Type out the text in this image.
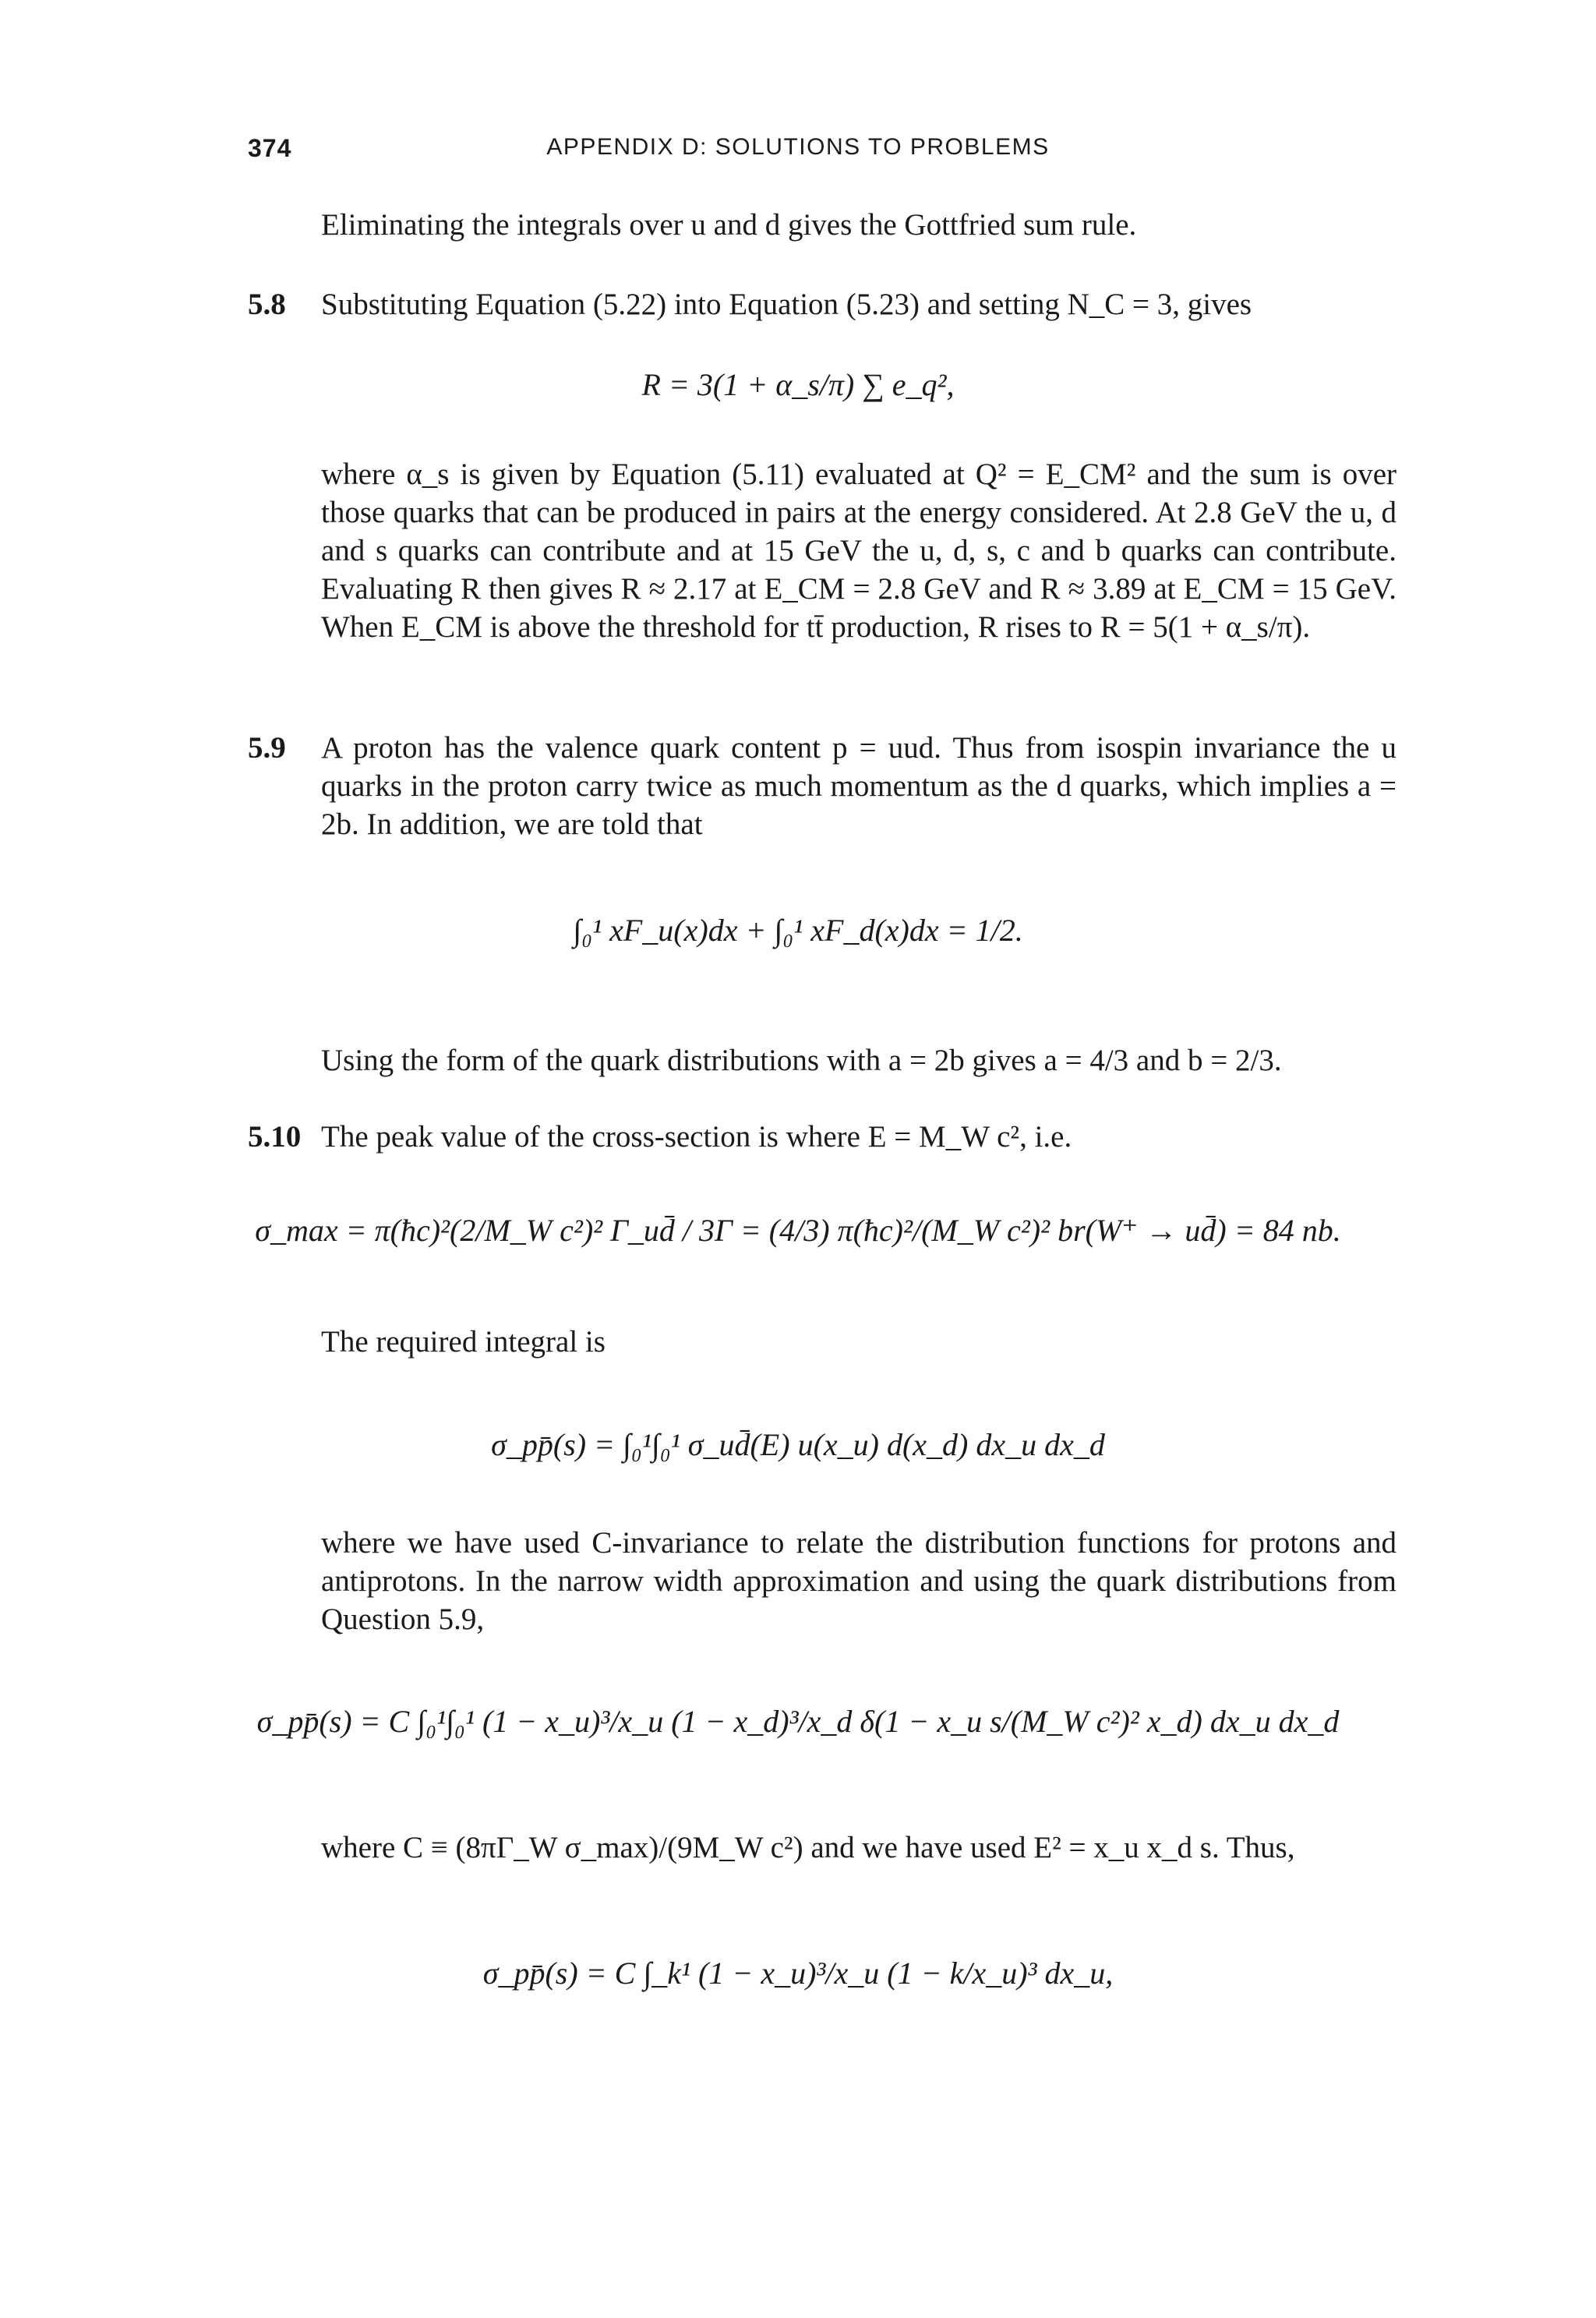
374	APPENDIX D: SOLUTIONS TO PROBLEMS

Eliminating the integrals over u and d gives the Gottfried sum rule.

5.8 Substituting Equation (5.22) into Equation (5.23) and setting N_C = 3, gives
R = 3(1 + α_s/π) ∑ e_q²,
where α_s is given by Equation (5.11) evaluated at Q² = E_CM² and the sum is over those quarks that can be produced in pairs at the energy considered. At 2.8 GeV the u, d and s quarks can contribute and at 15 GeV the u, d, s, c and b quarks can contribute. Evaluating R then gives R ≈ 2.17 at E_CM = 2.8 GeV and R ≈ 3.89 at E_CM = 15 GeV. When E_CM is above the threshold for tt̄ production, R rises to R = 5(1 + α_s/π).
5.9 A proton has the valence quark content p = uud. Thus from isospin invariance the u quarks in the proton carry twice as much momentum as the d quarks, which implies a = 2b. In addition, we are told that
∫₀¹ xF_u(x)dx + ∫₀¹ xF_d(x)dx = 1/2.
Using the form of the quark distributions with a = 2b gives a = 4/3 and b = 2/3.
5.10 The peak value of the cross-section is where E = M_W c², i.e.
σ_max = π(ħc)²(2/M_W c²)² Γ_ud̄ / 3Γ = (4/3) π(ħc)²/(M_W c²)² br(W⁺ → ud̄) = 84 nb.
The required integral is
σ_pp̄(s) = ∫₀¹∫₀¹ σ_ud̄(E) u(x_u) d(x_d) dx_u dx_d
where we have used C-invariance to relate the distribution functions for protons and antiprotons. In the narrow width approximation and using the quark distributions from Question 5.9,
σ_pp̄(s) = C ∫₀¹∫₀¹ (1 − x_u)³/x_u (1 − x_d)³/x_d δ(1 − x_u s/(M_W c²)² x_d) dx_u dx_d
where C ≡ (8πΓ_W σ_max)/(9M_W c²) and we have used E² = x_u x_d s. Thus,
σ_pp̄(s) = C ∫_k¹ (1 − x_u)³/x_u (1 − k/x_u)³ dx_u,
